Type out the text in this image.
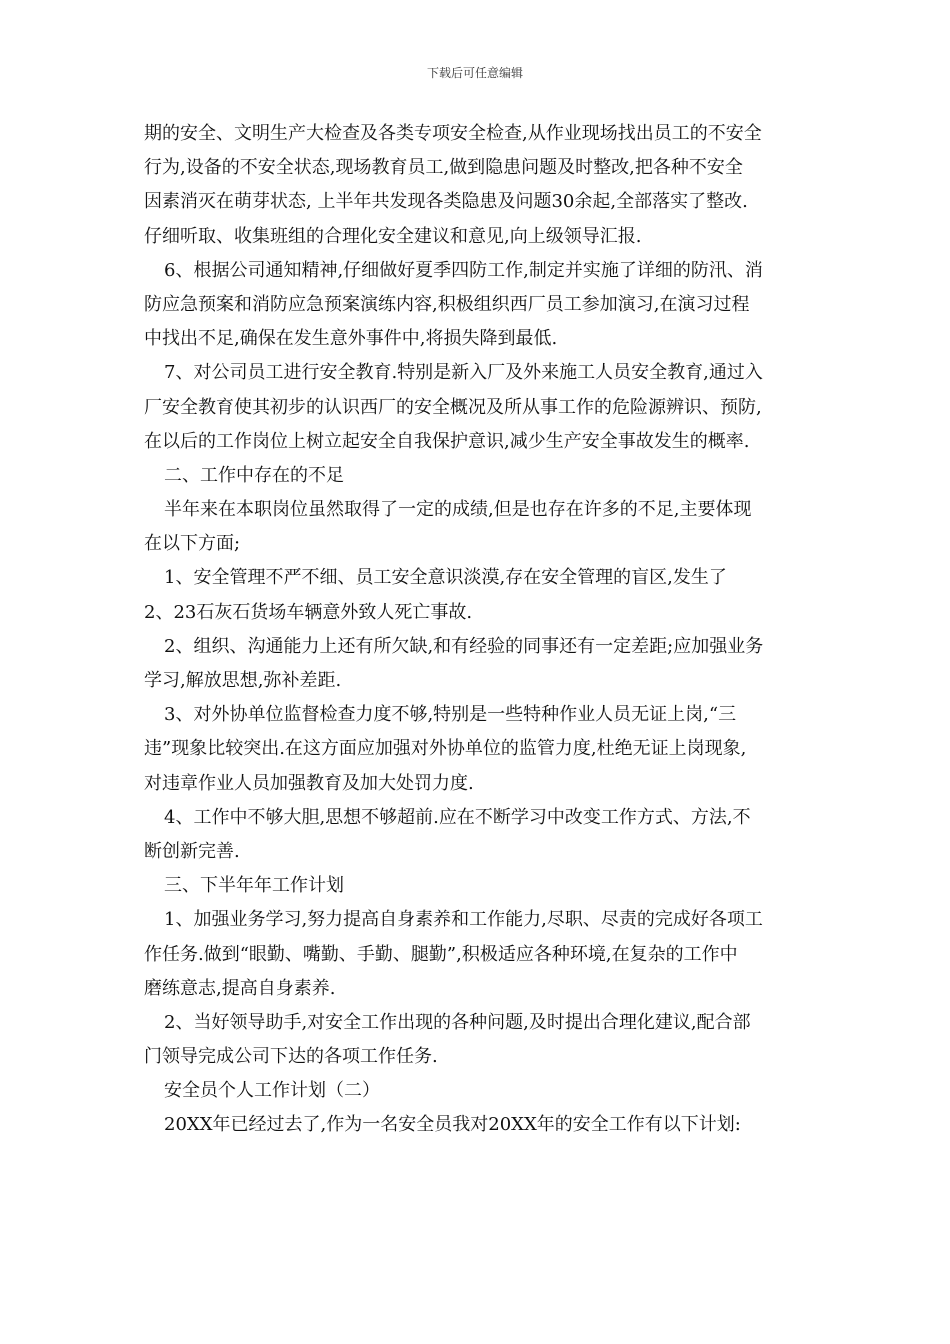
下载后可任意编辑
期的安全、文明生产大检查及各类专项安全检查,从作业现场找出员工的不安全
行为,设备的不安全状态,现场教育员工,做到隐患问题及时整改,把各种不安全
因素消灭在萌芽状态, 上半年共发现各类隐患及问题30余起,全部落实了整改.
仔细听取、收集班组的合理化安全建议和意见,向上级领导汇报.
6、根据公司通知精神,仔细做好夏季四防工作,制定并实施了详细的防汛、消
防应急预案和消防应急预案演练内容,积极组织西厂员工参加演习,在演习过程
中找出不足,确保在发生意外事件中,将损失降到最低.
7、对公司员工进行安全教育.特别是新入厂及外来施工人员安全教育,通过入
厂安全教育使其初步的认识西厂的安全概况及所从事工作的危险源辨识、预防,
在以后的工作岗位上树立起安全自我保护意识,减少生产安全事故发生的概率.
二、工作中存在的不足
半年来在本职岗位虽然取得了一定的成绩,但是也存在许多的不足,主要体现
在以下方面;
1、安全管理不严不细、员工安全意识淡漠,存在安全管理的盲区,发生了
2、23石灰石货场车辆意外致人死亡事故.
2、组织、沟通能力上还有所欠缺,和有经验的同事还有一定差距;应加强业务
学习,解放思想,弥补差距.
3、对外协单位监督检查力度不够,特别是一些特种作业人员无证上岗,“三
违”现象比较突出.在这方面应加强对外协单位的监管力度,杜绝无证上岗现象,
对违章作业人员加强教育及加大处罚力度.
4、工作中不够大胆,思想不够超前.应在不断学习中改变工作方式、方法,不
断创新完善.
三、下半年年工作计划
1、加强业务学习,努力提高自身素养和工作能力,尽职、尽责的完成好各项工
作任务.做到“眼勤、嘴勤、手勤、腿勤”,积极适应各种环境,在复杂的工作中
磨练意志,提高自身素养.
2、当好领导助手,对安全工作出现的各种问题,及时提出合理化建议,配合部
门领导完成公司下达的各项工作任务.
安全员个人工作计划（二）
20XX年已经过去了,作为一名安全员我对20XX年的安全工作有以下计划:
